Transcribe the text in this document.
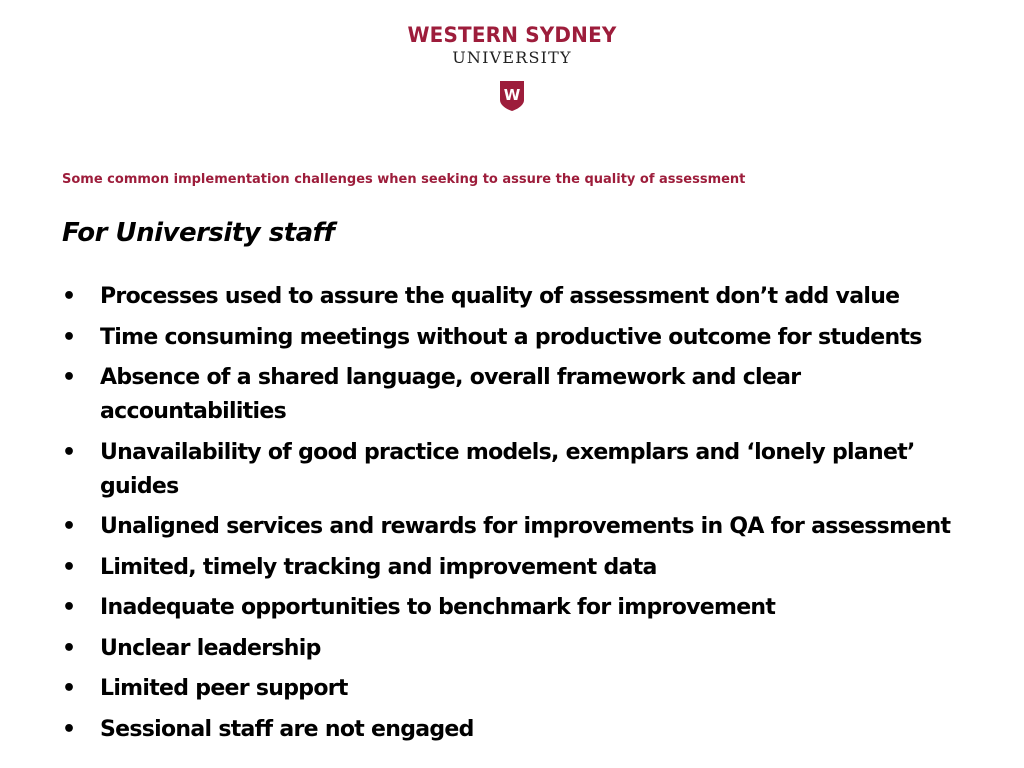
WESTERN SYDNEY
UNIVERSITY
W
Some common implementation challenges when seeking to assure the quality of assessment
For University staff
• Processes used to assure the quality of assessment don’t add value
• Time consuming meetings without a productive outcome for students
• Absence of a shared language, overall framework and clear accountabilities
• Unavailability of good practice models, exemplars and ‘lonely planet’ guides
• Unaligned services and rewards for improvements in QA for assessment
• Limited, timely tracking and improvement data
• Inadequate opportunities to benchmark for improvement
• Unclear leadership
• Limited peer support
• Sessional staff are not engaged
